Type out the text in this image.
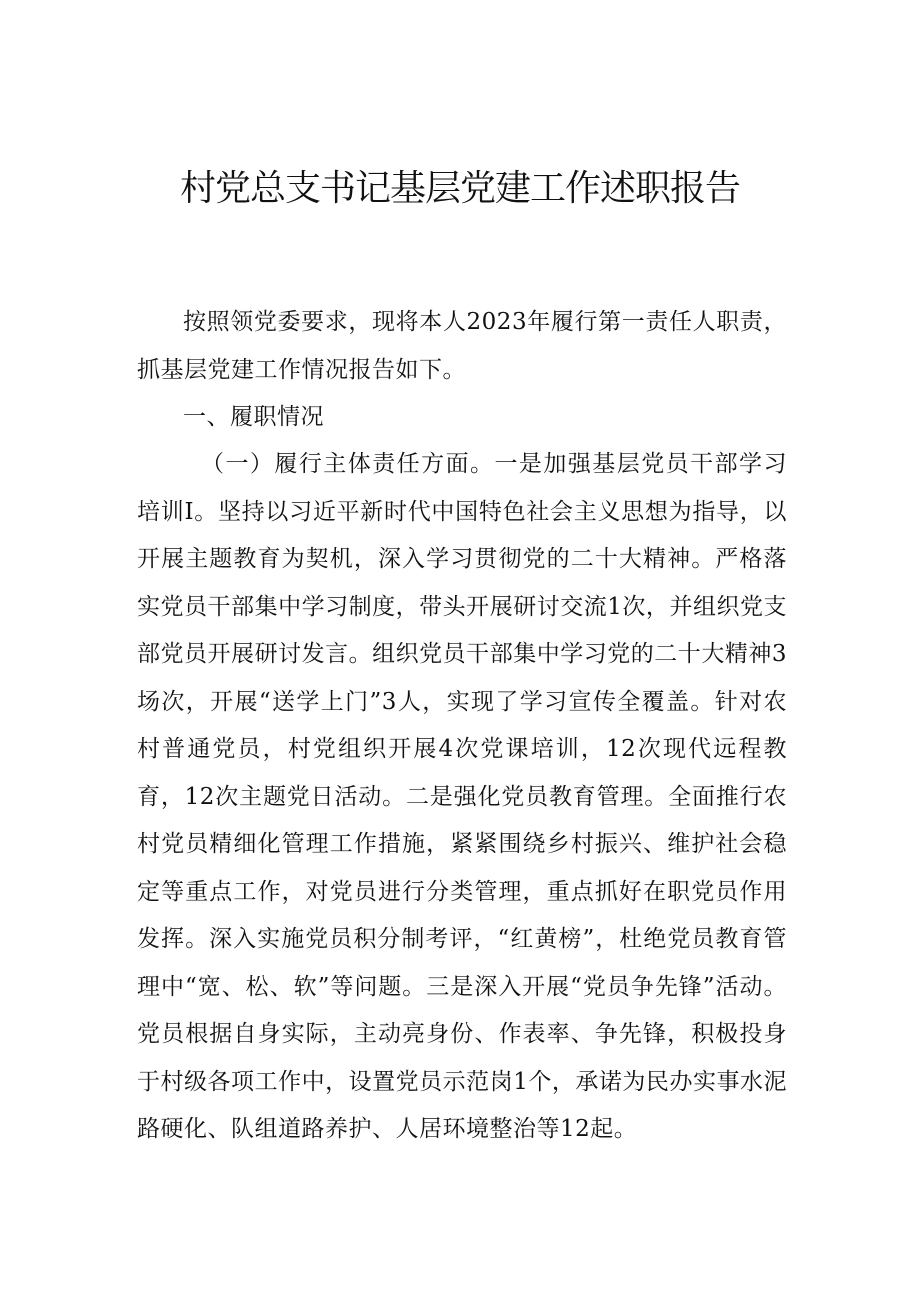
村党总支书记基层党建工作述职报告

按照领党委要求，现将本人2023年履行第一责任人职责，抓基层党建工作情况报告如下。

一、履职情况

（一）履行主体责任方面。一是加强基层党员干部学习培训I。坚持以习近平新时代中国特色社会主义思想为指导，以开展主题教育为契机，深入学习贯彻党的二十大精神。严格落实党员干部集中学习制度，带头开展研讨交流1次，并组织党支部党员开展研讨发言。组织党员干部集中学习党的二十大精神3场次，开展“送学上门”3人，实现了学习宣传全覆盖。针对农村普通党员，村党组织开展4次党课培训，12次现代远程教育，12次主题党日活动。二是强化党员教育管理。全面推行农村党员精细化管理工作措施，紧紧围绕乡村振兴、维护社会稳定等重点工作，对党员进行分类管理，重点抓好在职党员作用发挥。深入实施党员积分制考评，“红黄榜”，杜绝党员教育管理中“宽、松、软”等问题。三是深入开展“党员争先锋”活动。党员根据自身实际，主动亮身份、作表率、争先锋，积极投身于村级各项工作中，设置党员示范岗1个，承诺为民办实事水泥路硬化、队组道路养护、人居环境整治等12起。
